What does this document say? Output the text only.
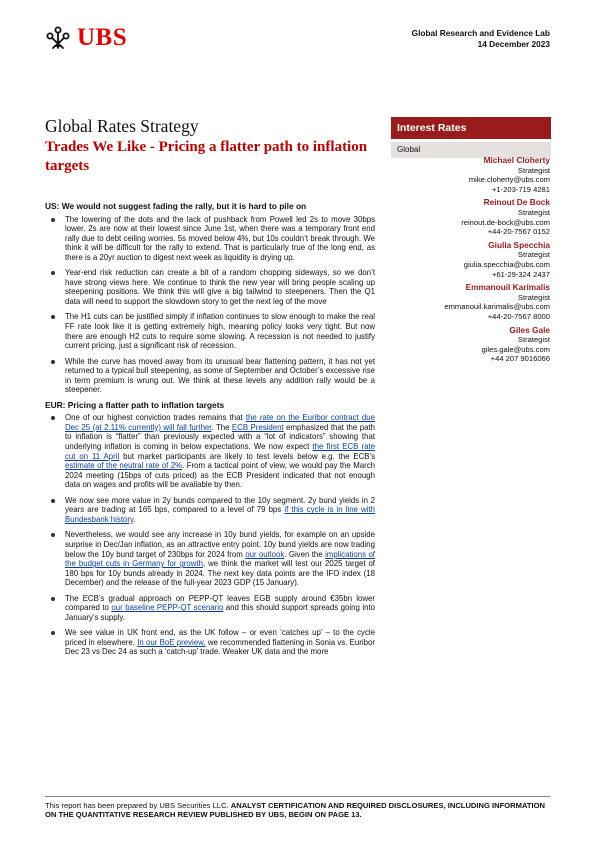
UBS	Global Research and Evidence Lab
14 December 2023
Global Rates Strategy
Trades We Like - Pricing a flatter path to inflation targets
Interest Rates
Global
Michael Cloherty
Strategist
mike.cloherty@ubs.com
+1-203-719 4281
Reinout De Bock
Strategist
reinout.de-bock@ubs.com
+44-20-7567 0152
Giulia Specchia
Strategist
giulia.specchia@ubs.com
+61-29-324 2437
Emmanouil Karimalis
Strategist
emmanouil.karimalis@ubs.com
+44-20-7567 8000
Giles Gale
Strategist
giles.gale@ubs.com
+44 207 9016066
US: We would not suggest fading the rally, but it is hard to pile on
The lowering of the dots and the lack of pushback from Powell led 2s to move 30bps lower. 2s are now at their lowest since June 1st, when there was a temporary front end rally due to debt ceiling worries. 5s moved below 4%, but 10s couldn’t break through. We think it will be difficult for the rally to extend. That is particularly true of the long end, as there is a 20yr auction to digest next week as liquidity is drying up.
Year-end risk reduction can create a bit of a random chopping sideways, so we don’t have strong views here. We continue to think the new year will bring people scaling up steepening positions. We think this will give a big tailwind to steepeners. Then the Q1 data will need to support the slowdown story to get the next leg of the move
The H1 cuts can be justified simply if inflation continues to slow enough to make the real FF rate look like it is getting extremely high, meaning policy looks very tight. But now there are enough H2 cuts to require some slowing. A recession is not needed to justify current pricing, just a significant risk of recession.
While the curve has moved away from its unusual bear flattening pattern, it has not yet returned to a typical bull steepening, as some of September and October’s excessive rise in term premium is wrung out. We think at these levels any addition rally would be a steepener.
EUR: Pricing a flatter path to inflation targets
One of our highest conviction trades remains that the rate on the Euribor contract due Dec 25 (at 2.11% currently) will fall further. The ECB President emphasized that the path to inflation is “flatter” than previously expected with a “lot of indicators” showing that underlying inflation is coming in below expectations. We now expect the first ECB rate cut on 11 April but market participants are likely to test levels below e.g. the ECB’s estimate of the neutral rate of 2%. From a tactical point of view, we would pay the March 2024 meeting (15bps of cuts priced) as the ECB President indicated that not enough data on wages and profits will be available by then.
We now see more value in 2y bunds compared to the 10y segment. 2y bund yields in 2 years are trading at 165 bps, compared to a level of 79 bps if this cycle is in line with Bundesbank history.
Nevertheless, we would see any increase in 10y bund yields, for example on an upside surprise in Dec/Jan inflation, as an attractive entry point. 10y bund yields are now trading below the 10y bund target of 230bps for 2024 from our outlook. Given the implications of the budget cuts in Germany for growth, we think the market will test our 2025 target of 180 bps for 10y bunds already in 2024. The next key data points are the IFO index (18 December) and the release of the full-year 2023 GDP (15 January).
The ECB’s gradual approach on PEPP-QT leaves EGB supply around €35bn lower compared to our baseline PEPP-QT scenario and this should support spreads going into January’s supply.
We see value in UK front end, as the UK follow – or even ‘catches up’ – to the cycle priced in elsewhere. In our BoE preview, we recommended flattening in Sonia vs. Euribor Dec 23 vs Dec 24 as such a ‘catch-up’ trade. Weaker UK data and the more
This report has been prepared by UBS Securities LLC. ANALYST CERTIFICATION AND REQUIRED DISCLOSURES, INCLUDING INFORMATION ON THE QUANTITATIVE RESEARCH REVIEW PUBLISHED BY UBS, BEGIN ON PAGE 13.
